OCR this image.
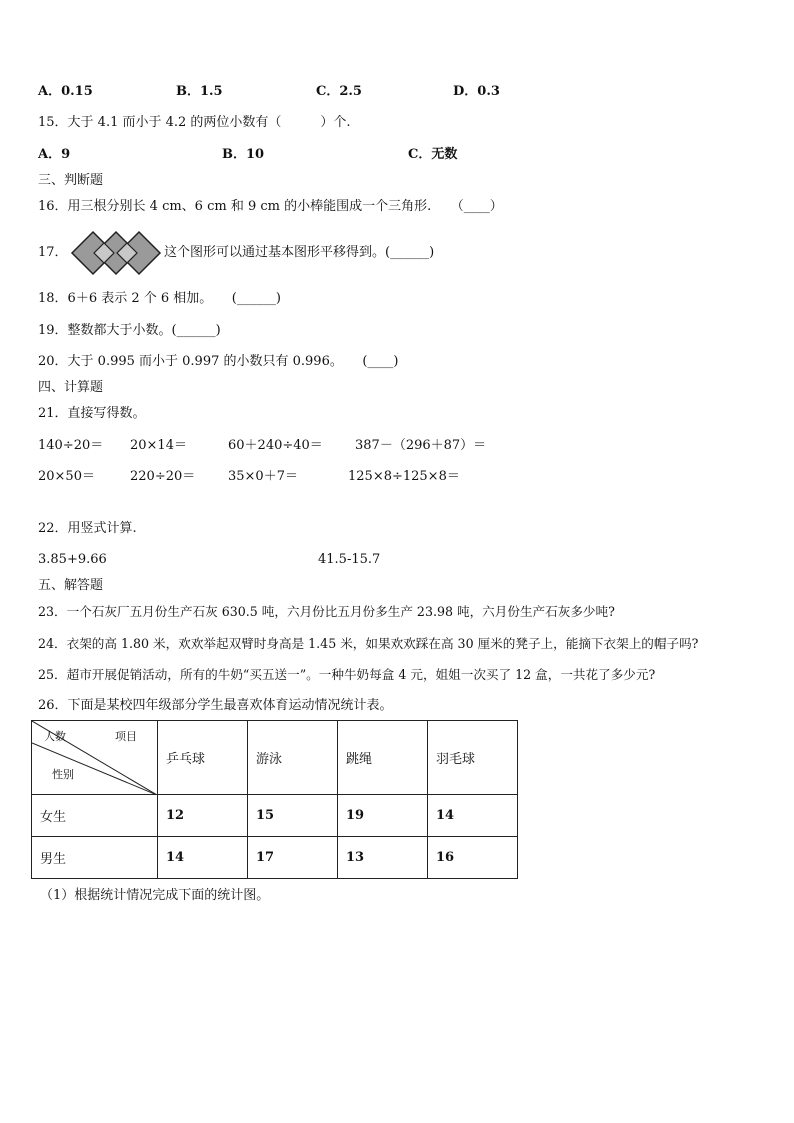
A．0.15	B．1.5	C．2.5	D．0.3
15．大于 4.1 而小于 4.2 的两位小数有（　　　）个.
A．9	B．10	C．无数
三、判断题
16．用三根分别长 4 cm、6 cm 和 9 cm 的小棒能围成一个三角形.　　（____）
17．	这个图形可以通过基本图形平移得到。(______)
18．6＋6 表示 2 个 6 相加。　　(______)
19．整数都大于小数。(______)
20．大于 0.995 而小于 0.997 的小数只有 0.996。　　(____)
四、计算题
21．直接写得数。
140÷20＝ 20×14＝	60＋240÷40＝ 387－（296＋87）＝
20×50＝	220÷20＝	35×0＋7＝	125×8÷125×8＝
22．用竖式计算.
3.85+9.66	41.5-15.7
五、解答题
23．一个石灰厂五月份生产石灰 630.5 吨，六月份比五月份多生产 23.98 吨，六月份生产石灰多少吨?
24．衣架的高 1.80 米，欢欢举起双臂时身高是 1.45 米，如果欢欢踩在高 30 厘米的凳子上，能摘下衣架上的帽子吗?
25．超市开展促销活动，所有的牛奶“买五送一”。一种牛奶每盒 4 元，姐姐一次买了 12 盒，一共花了多少元?
26．下面是某校四年级部分学生最喜欢体育运动情况统计表。
人数 项目
性别	乒乓球	游泳	跳绳	羽毛球
女生	12	15	19	14
男生	14	17	13	16
（1）根据统计情况完成下面的统计图。
